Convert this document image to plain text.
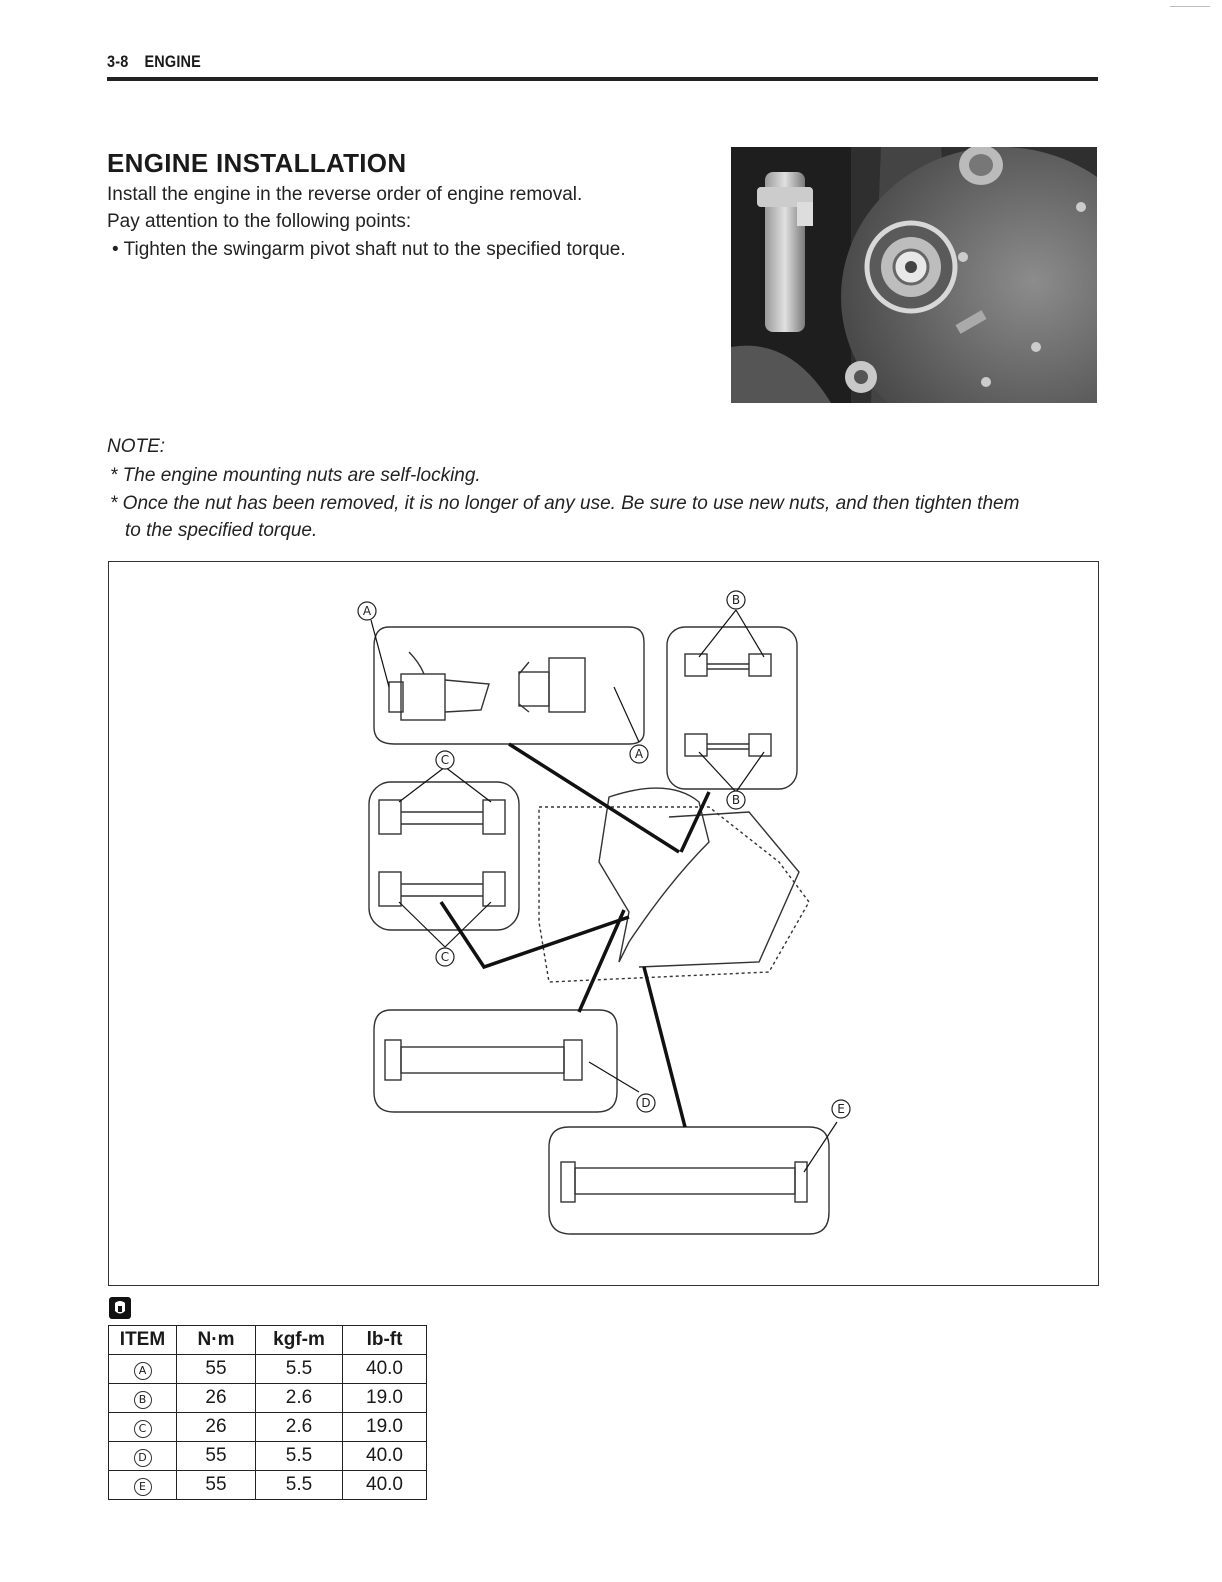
3-8 ENGINE
ENGINE INSTALLATION

Install the engine in the reverse order of engine removal.

Pay attention to the following points:

• Tighten the swingarm pivot shaft nut to the specified torque.

NOTE:

* The engine mounting nuts are self-locking.

* Once the nut has been removed, it is no longer of any use. Be sure to use new nuts, and then tighten them

to the specified torque.

A
A
B
B
C
C
D	E
ITEM	N·m	kgf-m	lb-ft
A	55	5.5	40.0
B	26	2.6	19.0
C	26	2.6	19.0
D	55	5.5	40.0
E	55	5.5	40.0
